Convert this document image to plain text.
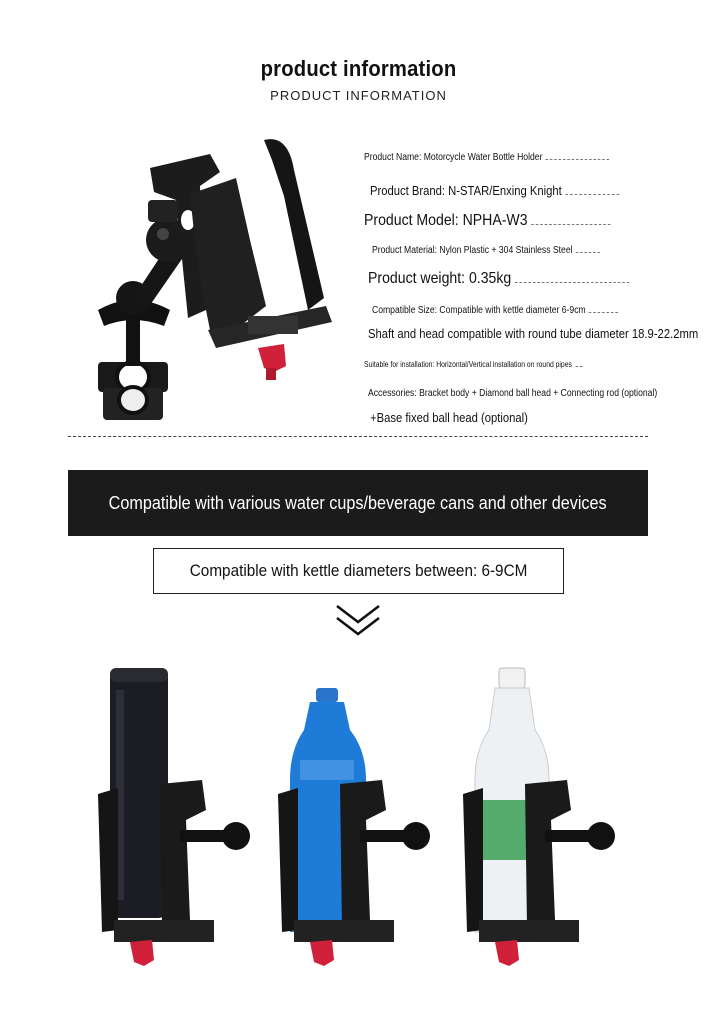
product information
PRODUCT INFORMATION
Product Name: Motorcycle Water Bottle Holder
Product Brand: N-STAR/Enxing Knight
Product Model: NPHA-W3
Product Material: Nylon Plastic + 304 Stainless Steel
Product weight: 0.35kg
Compatible Size: Compatible with kettle diameter 6-9cm
Shaft and head compatible with round tube diameter 18.9-22.2mm
Suitable for installation: Horizontal/Vertical installation on round pipes
Accessories: Bracket body + Diamond ball head + Connecting rod (optional)
+Base fixed ball head (optional)
Compatible with various water cups/beverage cans and other devices
Compatible with kettle diameters between: 6-9CM
